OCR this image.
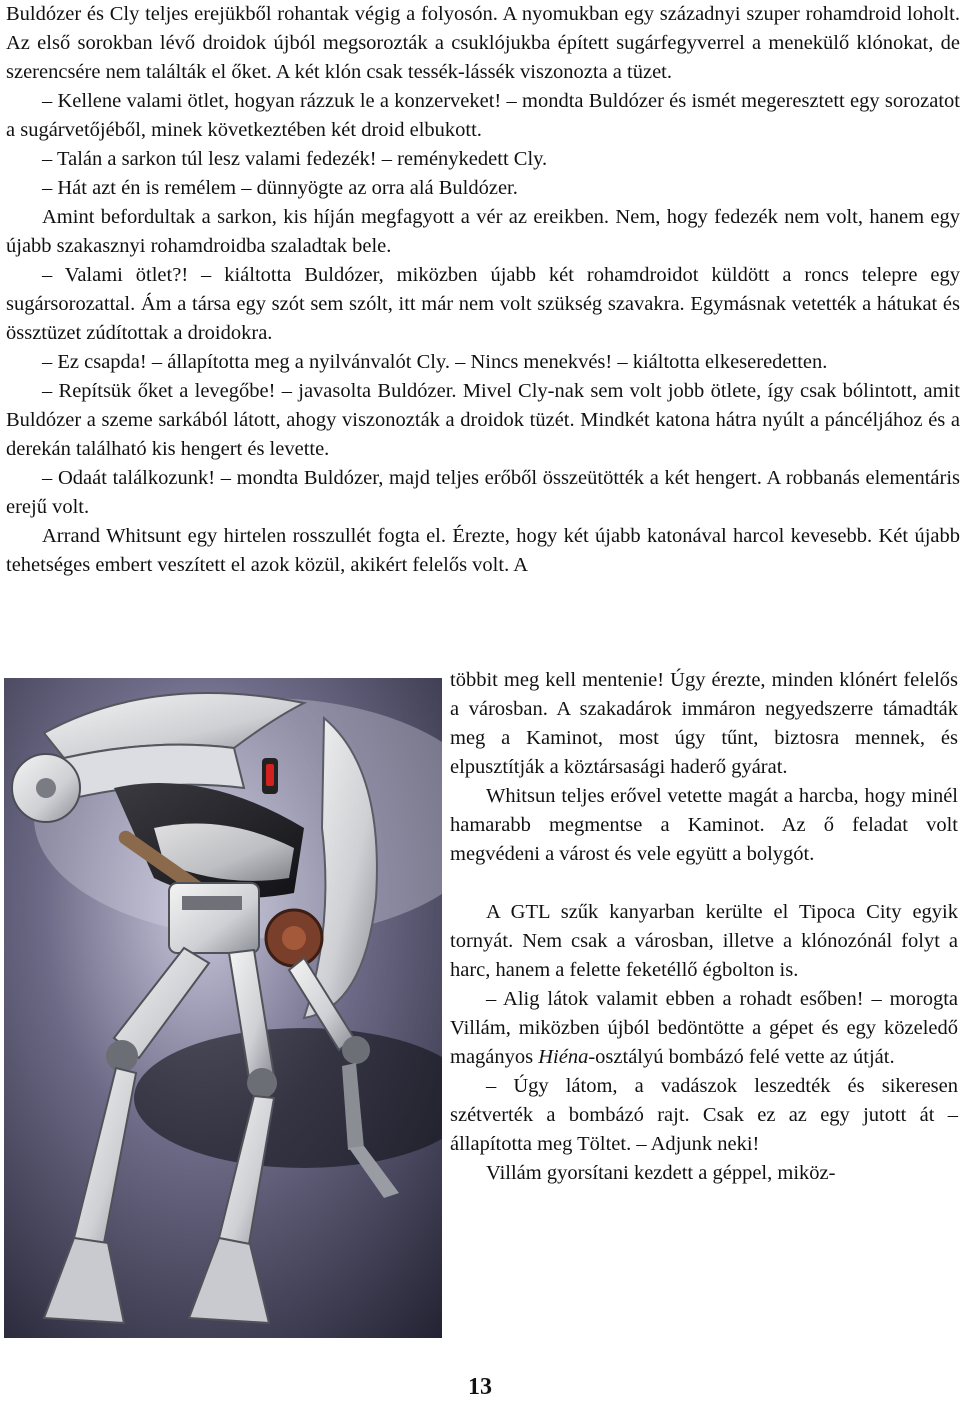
Buldózer és Cly teljes erejükből rohantak végig a folyosón. A nyomukban egy századnyi szuper rohamdroid loholt. Az első sorokban lévő droidok újból megsorozták a csuklójukba épített sugárfegyverrel a menekülő klónokat, de szerencsére nem találták el őket. A két klón csak tessék-lássék viszonozta a tüzet.

– Kellene valami ötlet, hogyan rázzuk le a konzerveket! – mondta Buldózer és ismét megeresztett egy sorozatot a sugárvetőjéből, minek következtében két droid elbukott.

– Talán a sarkon túl lesz valami fedezék! – reménykedett Cly.

– Hát azt én is remélem – dünnyögte az orra alá Buldózer.

Amint befordultak a sarkon, kis híján megfagyott a vér az ereikben. Nem, hogy fedezék nem volt, hanem egy újabb szakasznyi rohamdroidba szaladtak bele.

– Valami ötlet?! – kiáltotta Buldózer, miközben újabb két rohamdroidot küldött a roncs telepre egy sugársorozattal. Ám a társa egy szót sem szólt, itt már nem volt szükség szavakra. Egymásnak vetették a hátukat és össztüzet zúdítottak a droidokra.

– Ez csapda! – állapította meg a nyilvánvalót Cly. – Nincs menekvés! – kiáltotta elkeseredetten.

– Repítsük őket a levegőbe! – javasolta Buldózer. Mivel Cly-nak sem volt jobb ötlete, így csak bólintott, amit Buldózer a szeme sarkából látott, ahogy viszonozták a droidok tüzét. Mindkét katona hátra nyúlt a páncéljához és a derekán található kis hengert és levette.

– Odaát találkozunk! – mondta Buldózer, majd teljes erőből összeütötték a két hengert. A robbanás elementáris erejű volt.

Arrand Whitsunt egy hirtelen rosszullét fogta el. Érezte, hogy két újabb katonával harcol kevesebb. Két újabb tehetséges embert veszített el azok közül, akikért felelős volt. A

többit meg kell mentenie! Úgy érezte, minden klónért felelős a városban. A szakadárok immáron negyedszerre támadták meg a Kaminot, most úgy tűnt, biztosra mennek, és elpusztítják a köztársasági haderő gyárat.

Whitsun teljes erővel vetette magát a harcba, hogy minél hamarabb megmentse a Kaminot. Az ő feladat volt megvédeni a várost és vele együtt a bolygót.

A GTL szűk kanyarban kerülte el Tipoca City egyik tornyát. Nem csak a városban, illetve a klónozónál folyt a harc, hanem a felette feketéllő égbolton is.

– Alig látok valamit ebben a rohadt esőben! – morogta Villám, miközben újból bedöntötte a gépet és egy közeledő magányos Hiéna-osztályú bombázó felé vette az útját.

– Úgy látom, a vadászok leszedték és sikeresen szétverték a bombázó rajt. Csak ez az egy jutott át – állapította meg Töltet. – Adjunk neki!

Villám gyorsítani kezdett a géppel, miköz-

13
